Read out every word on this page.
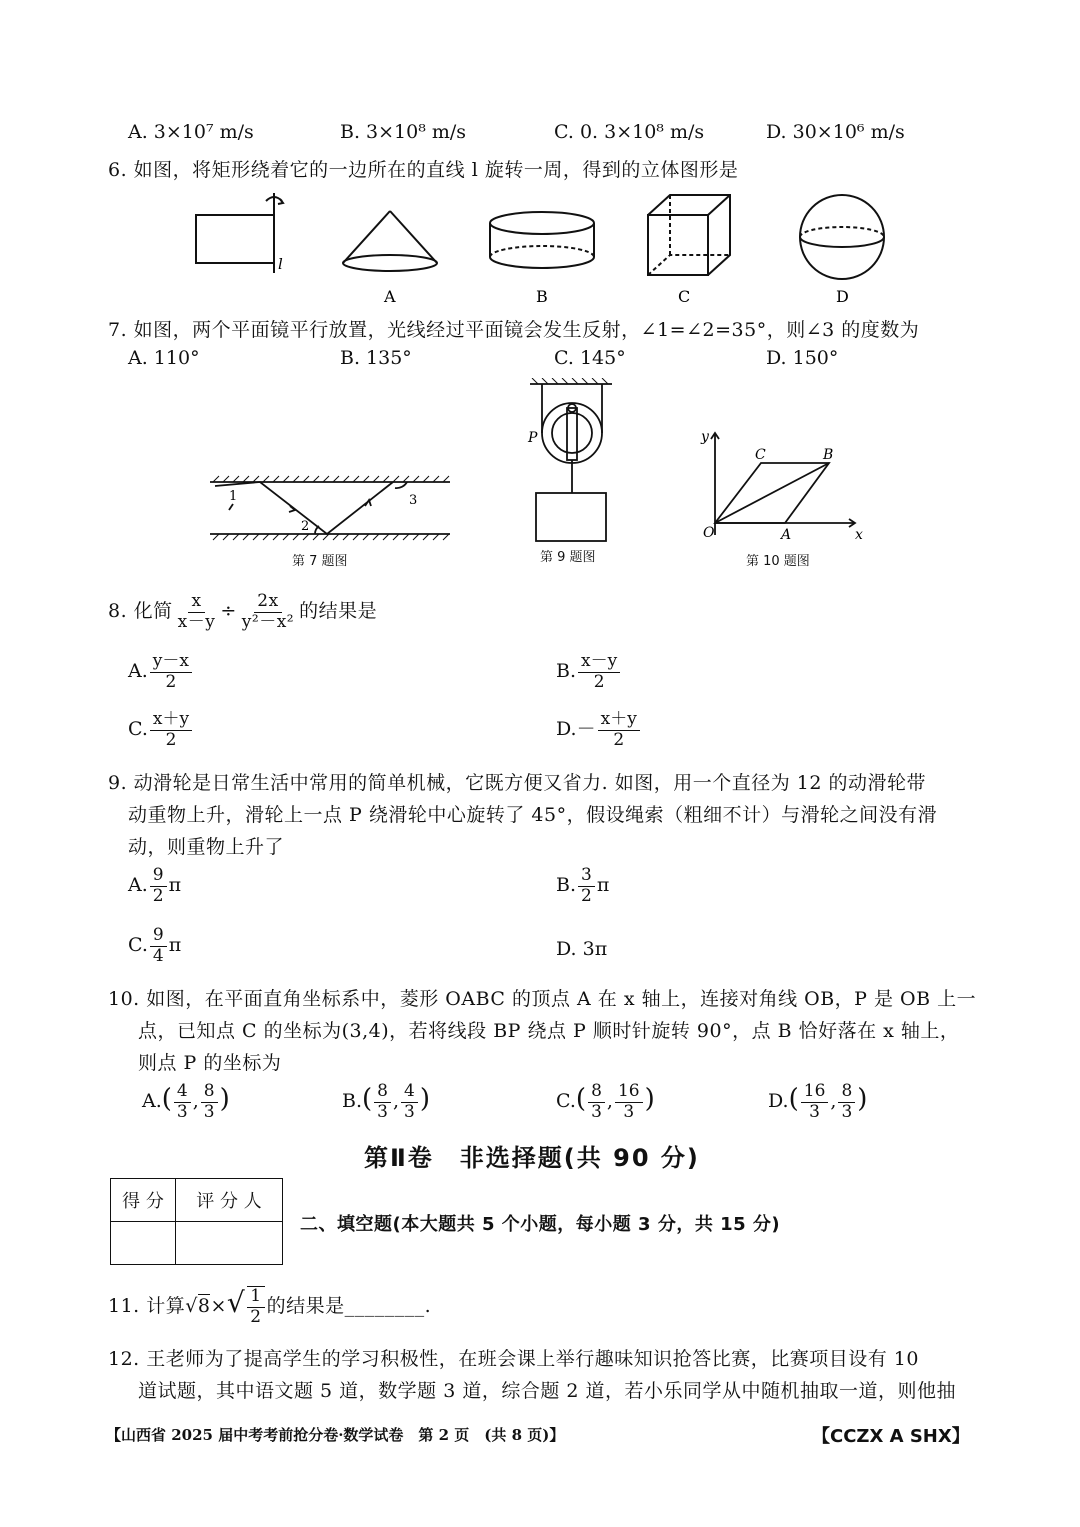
A. 3×10⁷ m/s	B. 3×10⁸ m/s	C. 0. 3×10⁸ m/s	D. 30×10⁶ m/s
6. 如图，将矩形绕着它的一边所在的直线 l 旋转一周，得到的立体图形是
l
A	B	C	D
7. 如图，两个平面镜平行放置，光线经过平面镜会发生反射，∠1=∠2=35°，则∠3 的度数为
A. 110°	B. 135°	C. 145°	D. 150°
1
2
3
第 7 题图
P
第 9 题图
y
x
O	A
B
C
第 10 题图
8. 化简 $\frac{x}{x-y} \div \frac{2x}{\text{y²－x²}}$ 的结果是
A. $\frac{y-x}{2}$	B. $\frac{x-y}{2}$
C. $\frac{x+y}{2}$	$D.- \frac{x+y}{2}$
9. 动滑轮是日常生活中常用的简单机械，它既方便又省力. 如图，用一个直径为 12 的动滑轮带
动重物上升，滑轮上一点 P 绕滑轮中心旋转了 45°，假设绳索（粗细不计）与滑轮之间没有滑
动，则重物上升了
A. $\frac{9}{2}$ π	B. $\frac{3}{2}$ π
C. $\frac{9}{4}$ π	D. 3π
10. 如图，在平面直角坐标系中，菱形 OABC 的顶点 A 在 x 轴上，连接对角线 OB，P 是 OB 上一
点，已知点 C 的坐标为(3,4)，若将线段 BP 绕点 P 顺时针旋转 90°，点 B 恰好落在 x 轴上，
则点 P 的坐标为
$A.( \frac{4}{3}$ , $\frac{8}{3}$ )	$B.( \frac{8}{3}$ , $\frac{4}{3}$ )	$C.( \frac{8}{3}$ , $\frac{16}{3}$ )	$D.( \frac{16}{3}$ , $\frac{8}{3}$ )
第Ⅱ卷　非选择题(共 90 分)
得 分	评 分 人

二、填空题(本大题共 5 个小题，每小题 3 分，共 15 分)
11. 计算$√8\times√ \frac{1}{2}$ 的结果是________.
12. 王老师为了提高学生的学习积极性，在班会课上举行趣味知识抢答比赛，比赛项目设有 10
道试题，其中语文题 5 道，数学题 3 道，综合题 2 道，若小乐同学从中随机抽取一道，则他抽
【山西省 2025 届中考考前抢分卷·数学试卷　第 2 页　(共 8 页)】	【CCZX A SHX】
